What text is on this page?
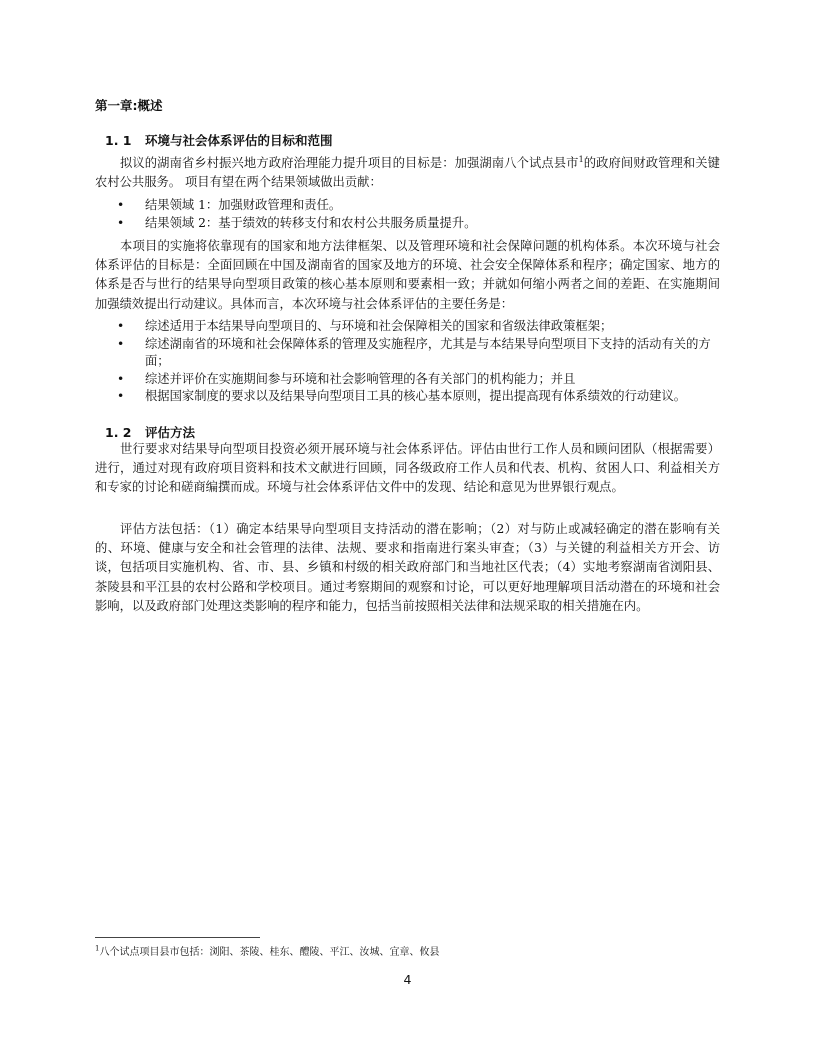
第一章:概述
1. 1 环境与社会体系评估的目标和范围

拟议的湖南省乡村振兴地方政府治理能力提升项目的目标是：加强湖南八个试点县市$^1$的政府间财政管理和关键农村公共服务。 项目有望在两个结果领域做出贡献：

• 结果领域 1：加强财政管理和责任。
• 结果领域 2：基于绩效的转移支付和农村公共服务质量提升。

本项目的实施将依靠现有的国家和地方法律框架、以及管理环境和社会保障问题的机构体系。本次环境与社会体系评估的目标是：全面回顾在中国及湖南省的国家及地方的环境、社会安全保障体系和程序；确定国家、地方的体系是否与世行的结果导向型项目政策的核心基本原则和要素相一致；并就如何缩小两者之间的差距、在实施期间加强绩效提出行动建议。具体而言，本次环境与社会体系评估的主要任务是：

• 综述适用于本结果导向型项目的、与环境和社会保障相关的国家和省级法律政策框架；
• 综述湖南省的环境和社会保障体系的管理及实施程序，尤其是与本结果导向型项目下支持的活动有关的方面；
• 综述并评价在实施期间参与环境和社会影响管理的各有关部门的机构能力；并且
• 根据国家制度的要求以及结果导向型项目工具的核心基本原则，提出提高现有体系绩效的行动建议。
1. 2 评估方法

世行要求对结果导向型项目投资必须开展环境与社会体系评估。评估由世行工作人员和顾问团队（根据需要）进行，通过对现有政府项目资料和技术文献进行回顾，同各级政府工作人员和代表、机构、贫困人口、利益相关方和专家的讨论和磋商编撰而成。环境与社会体系评估文件中的发现、结论和意见为世界银行观点。

评估方法包括：（1）确定本结果导向型项目支持活动的潜在影响；（2）对与防止或减轻确定的潜在影响有关的、环境、健康与安全和社会管理的法律、法规、要求和指南进行案头审查；（3）与关键的利益相关方开会、访谈，包括项目实施机构、省、市、县、乡镇和村级的相关政府部门和当地社区代表；（4）实地考察湖南省浏阳县、茶陵县和平江县的农村公路和学校项目。通过考察期间的观察和讨论，可以更好地理解项目活动潜在的环境和社会影响，以及政府部门处理这类影响的程序和能力，包括当前按照相关法律和法规采取的相关措施在内。

$^1$八个试点项目县市包括：浏阳、茶陵、桂东、醴陵、平江、汝城、宜章、攸县
4
